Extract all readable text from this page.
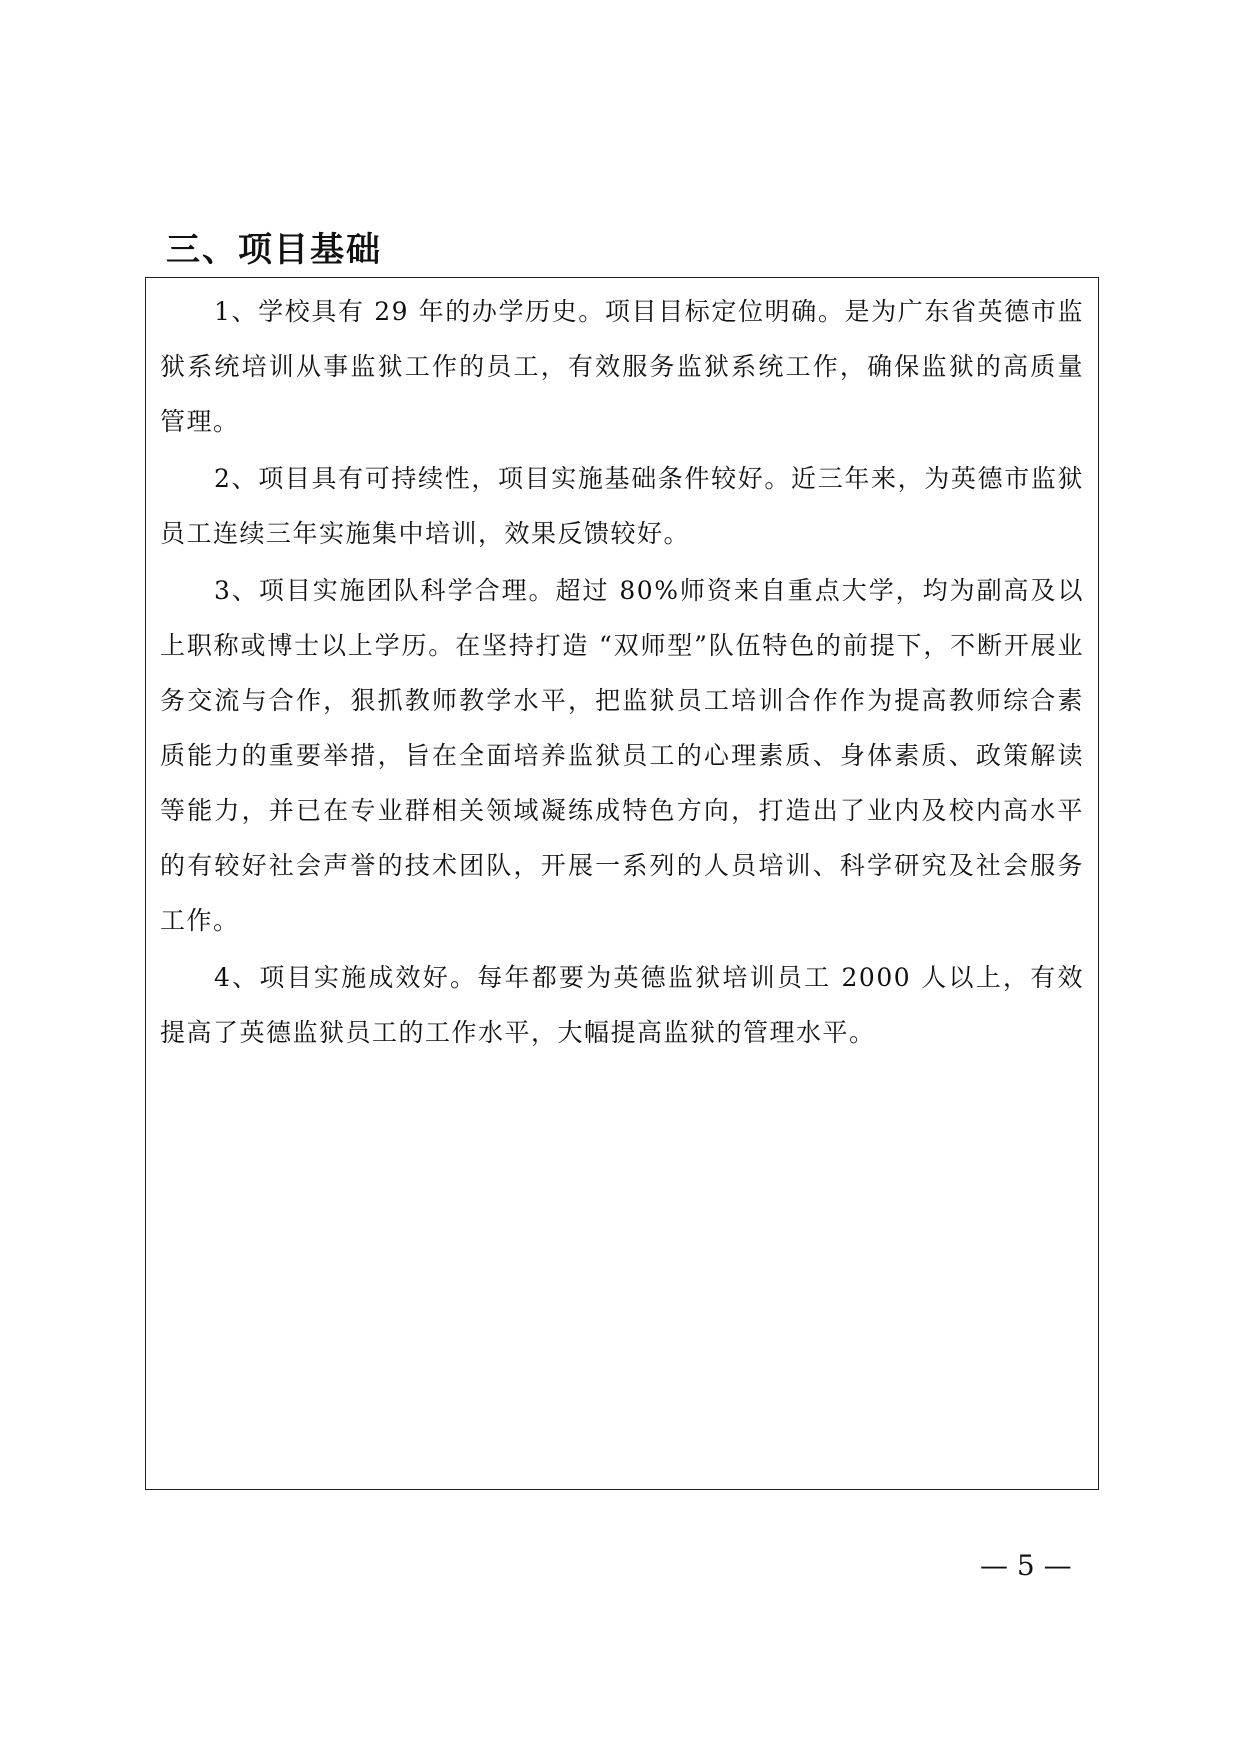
三、项目基础

1、学校具有 29 年的办学历史。项目目标定位明确。是为广东省英德市监狱系统培训从事监狱工作的员工，有效服务监狱系统工作，确保监狱的高质量管理。

2、项目具有可持续性，项目实施基础条件较好。近三年来，为英德市监狱员工连续三年实施集中培训，效果反馈较好。

3、项目实施团队科学合理。超过 80%师资来自重点大学，均为副高及以上职称或博士以上学历。在坚持打造 “双师型”队伍特色的前提下，不断开展业务交流与合作，狠抓教师教学水平，把监狱员工培训合作作为提高教师综合素质能力的重要举措，旨在全面培养监狱员工的心理素质、身体素质、政策解读等能力，并已在专业群相关领域凝练成特色方向，打造出了业内及校内高水平的有较好社会声誉的技术团队，开展一系列的人员培训、科学研究及社会服务工作。

4、项目实施成效好。每年都要为英德监狱培训员工 2000 人以上，有效提高了英德监狱员工的工作水平，大幅提高监狱的管理水平。

— 5 —
